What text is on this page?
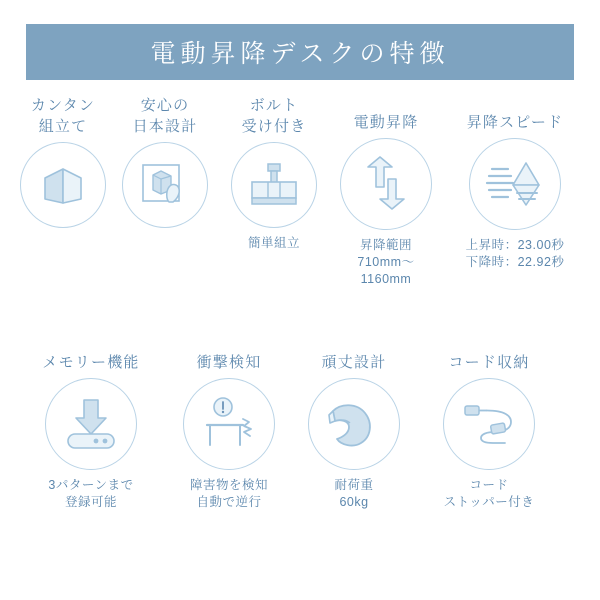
電動昇降デスクの特徴
カンタン
組立て
安心の
日本設計
ボルト
受け付き
簡単組立
電動昇降
昇降範囲
710mm〜
1160mm
昇降スピード
上昇時：23.00秒
下降時：22.92秒
メモリー機能
3パターンまで
登録可能
衝撃検知
障害物を検知
自動で逆行
頑丈設計
耐荷重
60kg
コード収納
コード
ストッパー付き
